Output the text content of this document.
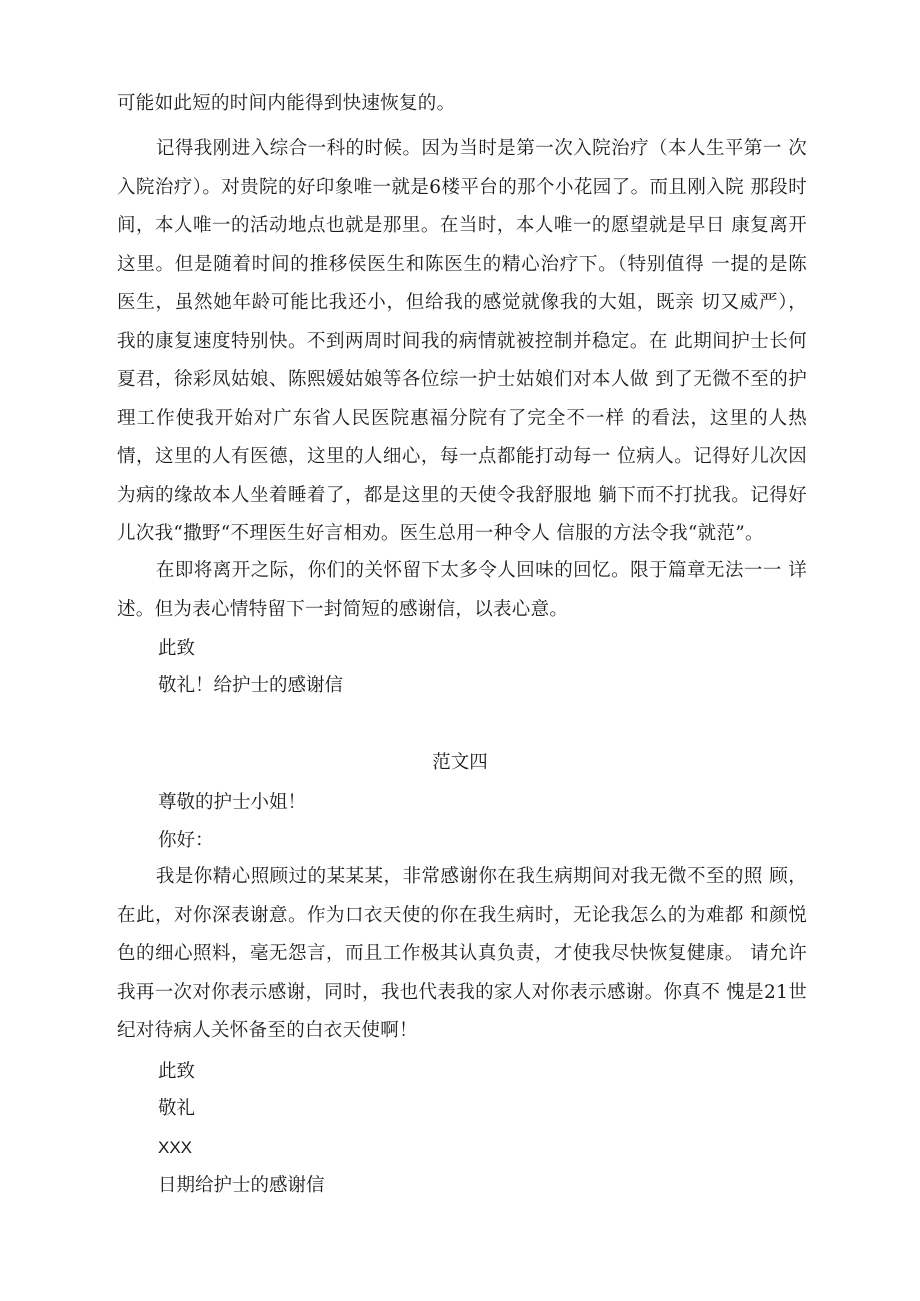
可能如此短的时间内能得到快速恢复的。

记得我刚进入综合一科的时候。因为当时是第一次入院治疗（本人生平第一 次入院治疗）。对贵院的好印象唯一就是6楼平台的那个小花园了。而且刚入院 那段时间，本人唯一的活动地点也就是那里。在当时，本人唯一的愿望就是早日 康复离开这里。但是随着时间的推移侯医生和陈医生的精心治疗下。（特别值得 一提的是陈医生，虽然她年龄可能比我还小，但给我的感觉就像我的大姐，既亲 切又威严），我的康复速度特别快。不到两周时间我的病情就被控制并稳定。在 此期间护士长何夏君，徐彩凤姑娘、陈熙媛姑娘等各位综一护士姑娘们对本人做 到了无微不至的护理工作使我开始对广东省人民医院惠福分院有了完全不一样 的看法，这里的人热情，这里的人有医德，这里的人细心，每一点都能打动每一 位病人。记得好儿次因为病的缘故本人坐着睡着了，都是这里的天使令我舒服地 躺下而不打扰我。记得好儿次我“撒野“不理医生好言相劝。医生总用一种令人 信服的方法令我“就范”。

在即将离开之际，你们的关怀留下太多令人回味的回忆。限于篇章无法一一 详述。但为表心情特留下一封简短的感谢信，以表心意。

此致

敬礼！给护士的感谢信

范文四

尊敬的护士小姐！

你好：

我是你精心照顾过的某某某，非常感谢你在我生病期间对我无微不至的照 顾，在此，对你深表谢意。作为口衣天使的你在我生病时，无论我怎么的为难都 和颜悦色的细心照料，毫无怨言，而且工作极其认真负责，才使我尽快恢复健康。 请允许我再一次对你表示感谢，同时，我也代表我的家人对你表示感谢。你真不 愧是21世纪对待病人关怀备至的白衣天使啊！

此致

敬礼

XXX

日期给护士的感谢信
